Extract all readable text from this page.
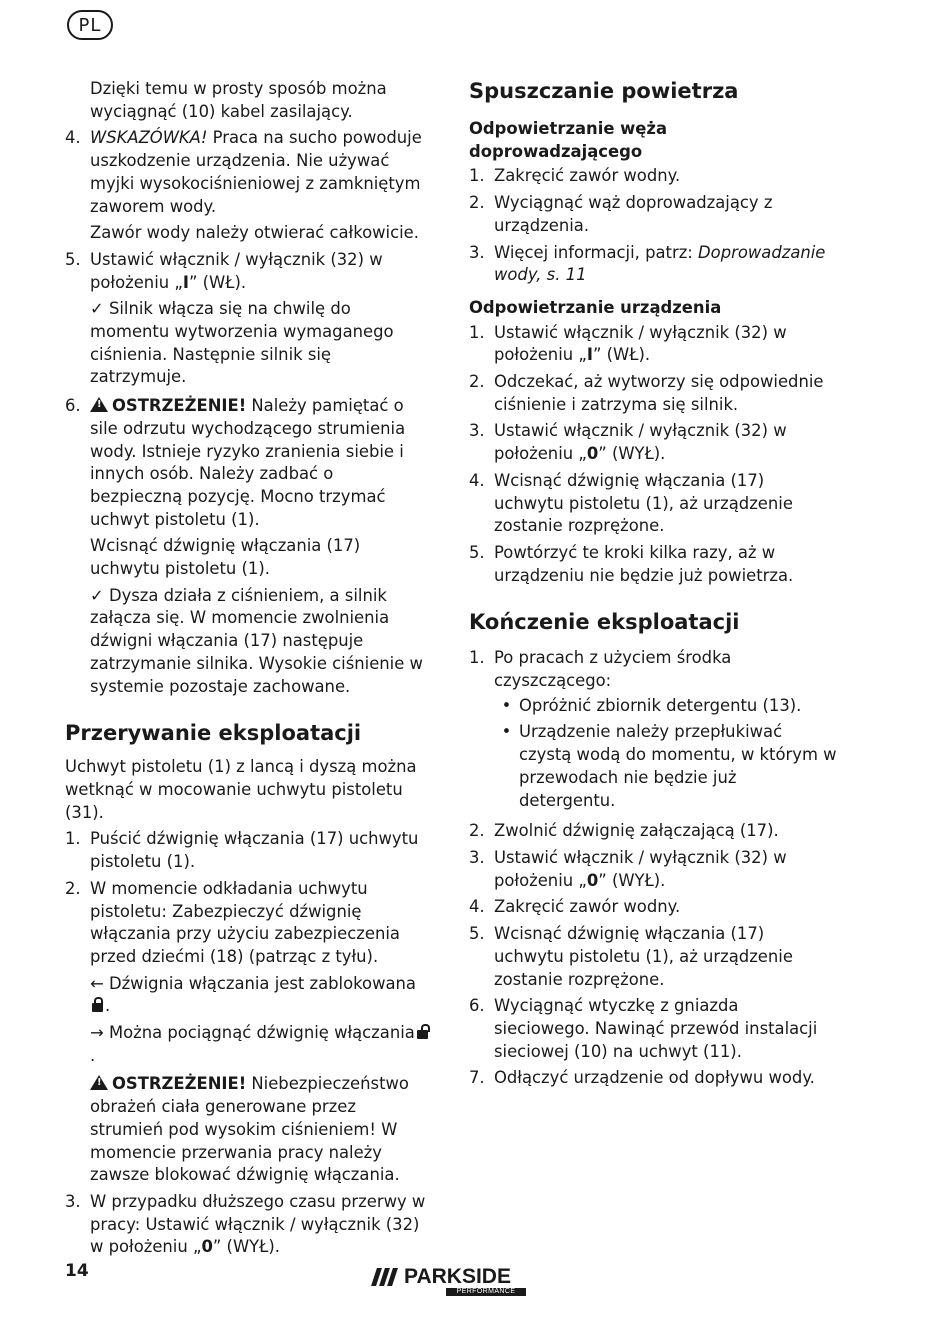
PL

Dzięki temu w prosty sposób można wyciągnąć (10) kabel zasilający.

4. WSKAZÓWKA! Praca na sucho powoduje uszkodzenie urządzenia. Nie używać myjki wysokociśnieniowej z zamkniętym zaworem wody.

Zawór wody należy otwierać całkowicie.

5. Ustawić włącznik / wyłącznik (32) w położeniu „I” (WŁ).

✓ Silnik włącza się na chwilę do momentu wytworzenia wymaganego ciśnienia. Następnie silnik się zatrzymuje.

6.

!	OSTRZEŻENIE! Należy pamiętać o sile odrzutu wychodzącego strumienia wody. Istnieje ryzyko zranienia siebie i innych osób. Należy zadbać o bezpieczną pozycję. Mocno trzymać uchwyt pistoletu (1).

Wcisnąć dźwignię włączania (17) uchwytu pistoletu (1).

✓ Dysza działa z ciśnieniem, a silnik załącza się. W momencie zwolnienia dźwigni włączania (17) następuje zatrzymanie silnika. Wysokie ciśnienie w systemie pozostaje zachowane.

Przerywanie eksploatacji

Uchwyt pistoletu (1) z lancą i dyszą można wetknąć w mocowanie uchwytu pistoletu (31).

1. Puścić dźwignię włączania (17) uchwytu pistoletu (1).

2. W momencie odkładania uchwytu pistoletu: Zabezpieczyć dźwignię włączania przy użyciu zabezpieczenia przed dziećmi (18) (patrząc z tyłu).

← Dźwignia włączania jest zablokowana .

→ Można pociągnąć dźwignię włączania.

!OSTRZEŻENIE! Niebezpieczeństwo obrażeń ciała generowane przez strumień pod wysokim ciśnieniem! W momencie przerwania pracy należy zawsze blokować dźwignię włączania.

3. W przypadku dłuższego czasu przerwy w pracy: Ustawić włącznik / wyłącznik (32) w położeniu „0” (WYŁ).

Spuszczanie powietrza
Odpowietrzanie węża doprowadzającego
1. Zakręcić zawór wodny.

2. Wyciągnąć wąż doprowadzający z urządzenia.

3. Więcej informacji, patrz: Doprowadzanie wody, s. 11

Odpowietrzanie urządzenia
1. Ustawić włącznik / wyłącznik (32) w położeniu „I” (WŁ).

2. Odczekać, aż wytworzy się odpowiednie ciśnienie i zatrzyma się silnik.

3. Ustawić włącznik / wyłącznik (32) w położeniu „0” (WYŁ).

4. Wcisnąć dźwignię włączania (17) uchwytu pistoletu (1), aż urządzenie zostanie rozprężone.

5. Powtórzyć te kroki kilka razy, aż w urządzeniu nie będzie już powietrza.

Kończenie eksploatacji
1. Po pracach z użyciem środka czyszczącego:

• Opróżnić zbiornik detergentu (13).
• Urządzenie należy przepłukiwać czystą wodą do momentu, w którym w przewodach nie będzie już detergentu.
2. Zwolnić dźwignię załączającą (17).

3. Ustawić włącznik / wyłącznik (32) w położeniu „0” (WYŁ).

4. Zakręcić zawór wodny.

5. Wcisnąć dźwignię włączania (17) uchwytu pistoletu (1), aż urządzenie zostanie rozprężone.

6. Wyciągnąć wtyczkę z gniazda sieciowego. Nawinąć przewód instalacji sieciowej (10) na uchwyt (11).

7. Odłączyć urządzenie od dopływu wody.

14	PARKSIDE
PERFORMANCE
